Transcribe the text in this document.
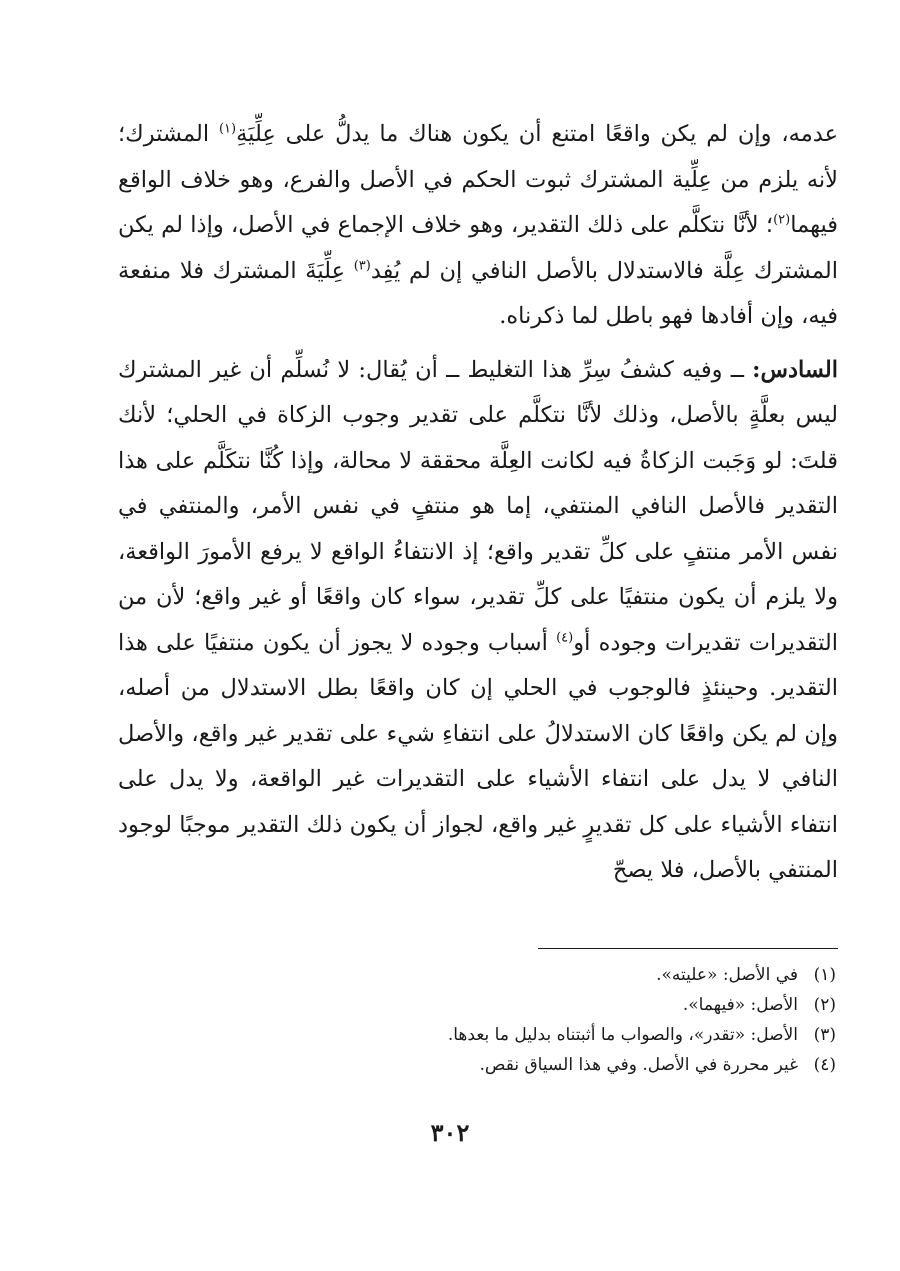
عدمه، وإن لم يكن واقعًا امتنع أن يكون هناك ما يدلُّ على عِلِّيَةِ$^{(١)}$ المشترك؛ لأنه يلزم من عِلِّية المشترك ثبوت الحكم في الأصل والفرع، وهو خلاف الواقع فيهما$^{(٢)}$؛ لأنَّا نتكلَّم على ذلك التقدير، وهو خلاف الإجماع في الأصل، وإذا لم يكن المشترك عِلَّة فالاستدلال بالأصل النافي إن لم يُفِد$^{(٣)}$ عِلِّيَةَ المشترك فلا منفعة فيه، وإن أفادها فهو باطل لما ذكرناه.

السادس: ــ وفيه كشفُ سِرِّ هذا التغليط ــ أن يُقال: لا نُسلِّم أن غير المشترك ليس بعلَّةٍ بالأصل، وذلك لأنَّا نتكلَّم على تقدير وجوب الزكاة في الحلي؛ لأنك قلتَ: لو وَجَبت الزكاةُ فيه لكانت العِلَّة محققة لا محالة، وإذا كُنَّا نتكَلَّم على هذا التقدير فالأصل النافي المنتفي، إما هو منتفٍ في نفس الأمر، والمنتفي في نفس الأمر منتفٍ على كلِّ تقدير واقع؛ إذ الانتفاءُ الواقع لا يرفع الأمورَ الواقعة، ولا يلزم أن يكون منتفيًا على كلِّ تقدير، سواء كان واقعًا أو غير واقع؛ لأن من التقديرات تقديرات وجوده أو$^{(٤)}$ أسباب وجوده لا يجوز أن يكون منتفيًا على هذا التقدير. وحينئذٍ فالوجوب في الحلي إن كان واقعًا بطل الاستدلال من أصله، وإن لم يكن واقعًا كان الاستدلالُ على انتفاءِ شيء على تقدير غير واقع، والأصل النافي لا يدل على انتفاء الأشياء على التقديرات غير الواقعة، ولا يدل على انتفاء الأشياء على كل تقديرٍ غير واقع، لجواز أن يكون ذلك التقدير موجبًا لوجود المنتفي بالأصل، فلا يصحّ

(١)
في الأصل: «عليته».
(٢)
الأصل: «فيهما».
(٣)
الأصل: «تقدر»، والصواب ما أثبتناه بدليل ما بعدها.
(٤)
غير محررة في الأصل. وفي هذا السياق نقص.
٣٠٢
